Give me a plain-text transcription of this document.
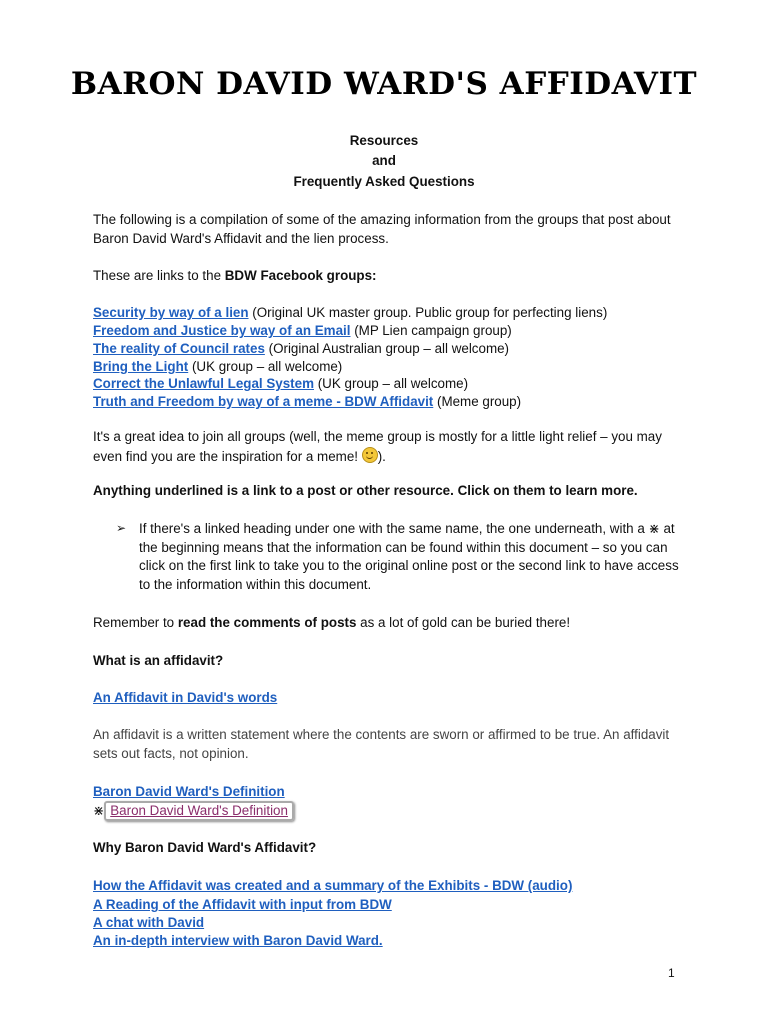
BARON DAVID WARD'S AFFIDAVIT

Resources

and

Frequently Asked Questions

The following is a compilation of some of the amazing information from the groups that post about Baron David Ward's Affidavit and the lien process.

These are links to the BDW Facebook groups:

Security by way of a lien (Original UK master group. Public group for perfecting liens)

Freedom and Justice by way of an Email (MP Lien campaign group)

The reality of Council rates (Original Australian group – all welcome)

Bring the Light (UK group – all welcome)

Correct the Unlawful Legal System (UK group – all welcome)

Truth and Freedom by way of a meme - BDW Affidavit (Meme group)

It's a great idea to join all groups (well, the meme group is mostly for a little light relief – you may even find you are the inspiration for a meme!
).

Anything underlined is a link to a post or other resource. Click on them to learn more.

➢ If there's a linked heading under one with the same name, the one underneath, with a ⋇ at the beginning means that the information can be found within this document – so you can click on the first link to take you to the original online post or the second link to have access to the information within this document.

Remember to read the comments of posts as a lot of gold can be buried there!

What is an affidavit?

An Affidavit in David's words

An affidavit is a written statement where the contents are sworn or affirmed to be true. An affidavit sets out facts, not opinion.

Baron David Ward's Definition

⋇ Baron David Ward's Definition

Why Baron David Ward's Affidavit?

How the Affidavit was created and a summary of the Exhibits - BDW (audio)

A Reading of the Affidavit with input from BDW

A chat with David

An in-depth interview with Baron David Ward.

1
